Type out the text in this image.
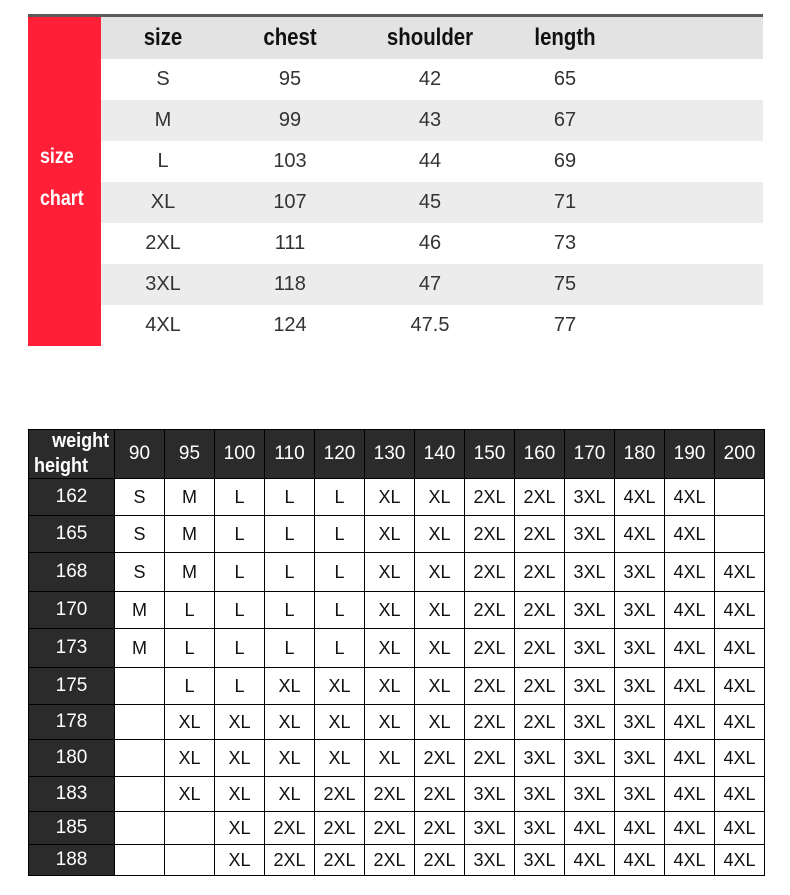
size
chart
size	chest	shoulder	length
S	95	42	65
M	99	43	67
L	103	44	69
XL	107	45	71
2XL	111	46	73
3XL	118	47	75
4XL	124	47.5	77
weight
height	90	95	100	110	120	130	140	150	160	170	180	190	200
162	S	M	L	L	L	XL	XL	2XL	2XL	3XL	4XL	4XL	
165	S	M	L	L	L	XL	XL	2XL	2XL	3XL	4XL	4XL	
168	S	M	L	L	L	XL	XL	2XL	2XL	3XL	3XL	4XL	4XL
170	M	L	L	L	L	XL	XL	2XL	2XL	3XL	3XL	4XL	4XL
173	M	L	L	L	L	XL	XL	2XL	2XL	3XL	3XL	4XL	4XL
175		L	L	XL	XL	XL	XL	2XL	2XL	3XL	3XL	4XL	4XL
178		XL	XL	XL	XL	XL	XL	2XL	2XL	3XL	3XL	4XL	4XL
180		XL	XL	XL	XL	XL	2XL	2XL	3XL	3XL	3XL	4XL	4XL
183		XL	XL	XL	2XL	2XL	2XL	3XL	3XL	3XL	3XL	4XL	4XL
185			XL	2XL	2XL	2XL	2XL	3XL	3XL	4XL	4XL	4XL	4XL
188			XL	2XL	2XL	2XL	2XL	3XL	3XL	4XL	4XL	4XL	4XL
